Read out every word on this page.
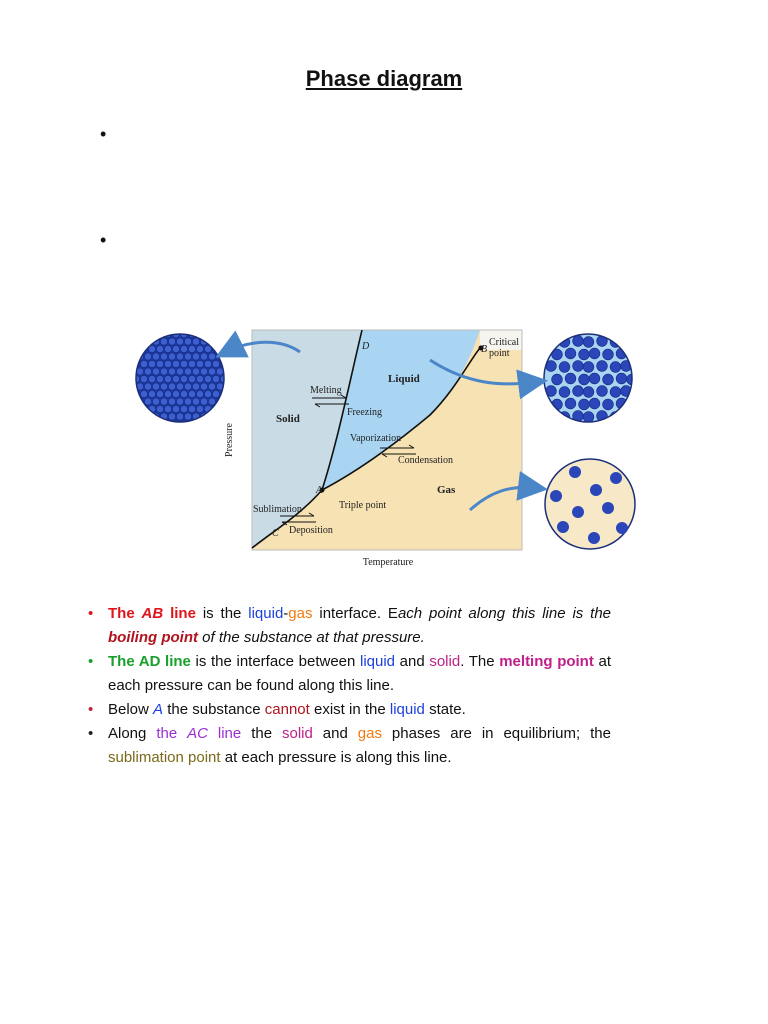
Phase diagram
•
•
Pressure
Temperature
Solid
Liquid
Gas
Melting
Freezing
Vaporization
Condensation
Sublimation
Deposition
Triple point
Critical
point
A
B
C
D
• The AB line is the liquid-gas interface. Each point along this line is the boiling point of the substance at that pressure.
• The AD line is the interface between liquid and solid. The melting point at each pressure can be found along this line.
• Below A the substance cannot exist in the liquid state.
• Along the AC line the solid and gas phases are in equilibrium; the sublimation point at each pressure is along this line.
